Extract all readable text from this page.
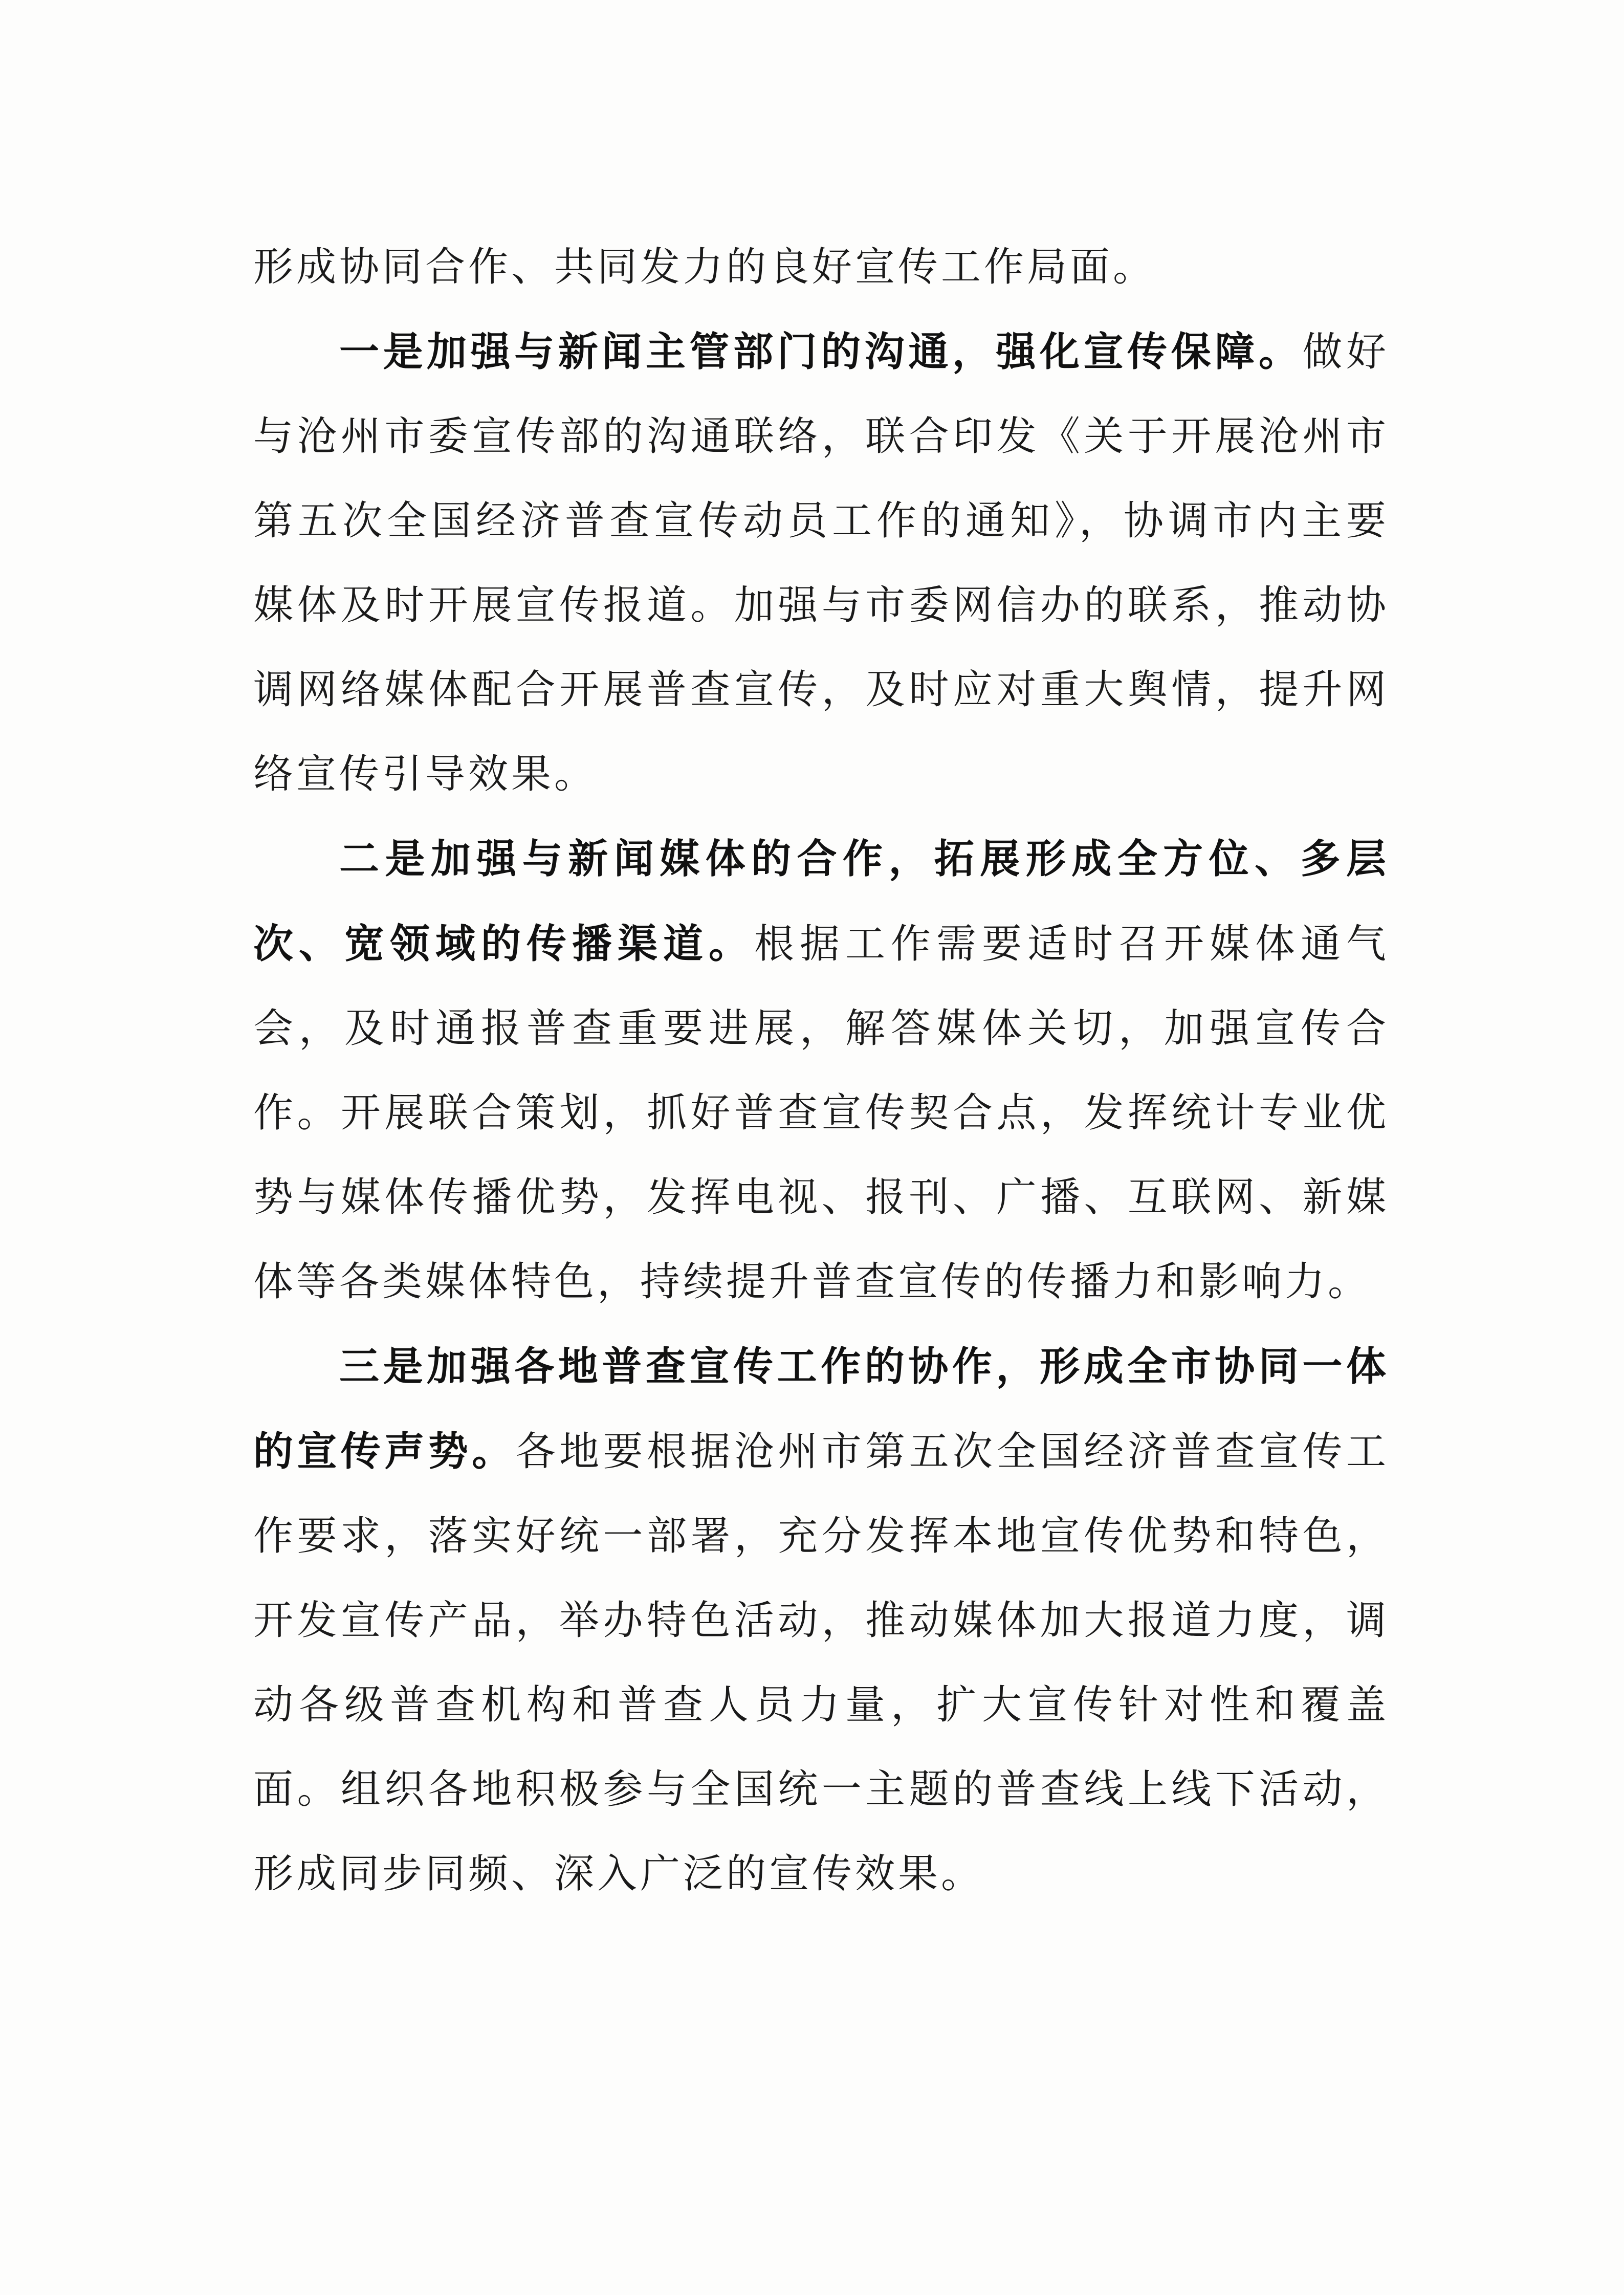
形成协同合作、共同发力的良好宣传工作局面。

一是加强与新闻主管部门的沟通，强化宣传保障。做好与沧州市委宣传部的沟通联络，联合印发《关于开展沧州市第五次全国经济普查宣传动员工作的通知》，协调市内主要媒体及时开展宣传报道。加强与市委网信办的联系，推动协调网络媒体配合开展普查宣传，及时应对重大舆情，提升网络宣传引导效果。

二是加强与新闻媒体的合作，拓展形成全方位、多层次、宽领域的传播渠道。根据工作需要适时召开媒体通气会，及时通报普查重要进展，解答媒体关切，加强宣传合作。开展联合策划，抓好普查宣传契合点，发挥统计专业优势与媒体传播优势，发挥电视、报刊、广播、互联网、新媒体等各类媒体特色，持续提升普查宣传的传播力和影响力。

三是加强各地普查宣传工作的协作，形成全市协同一体的宣传声势。各地要根据沧州市第五次全国经济普查宣传工作要求，落实好统一部署，充分发挥本地宣传优势和特色，开发宣传产品，举办特色活动，推动媒体加大报道力度，调动各级普查机构和普查人员力量，扩大宣传针对性和覆盖面。组织各地积极参与全国统一主题的普查线上线下活动，形成同步同频、深入广泛的宣传效果。
